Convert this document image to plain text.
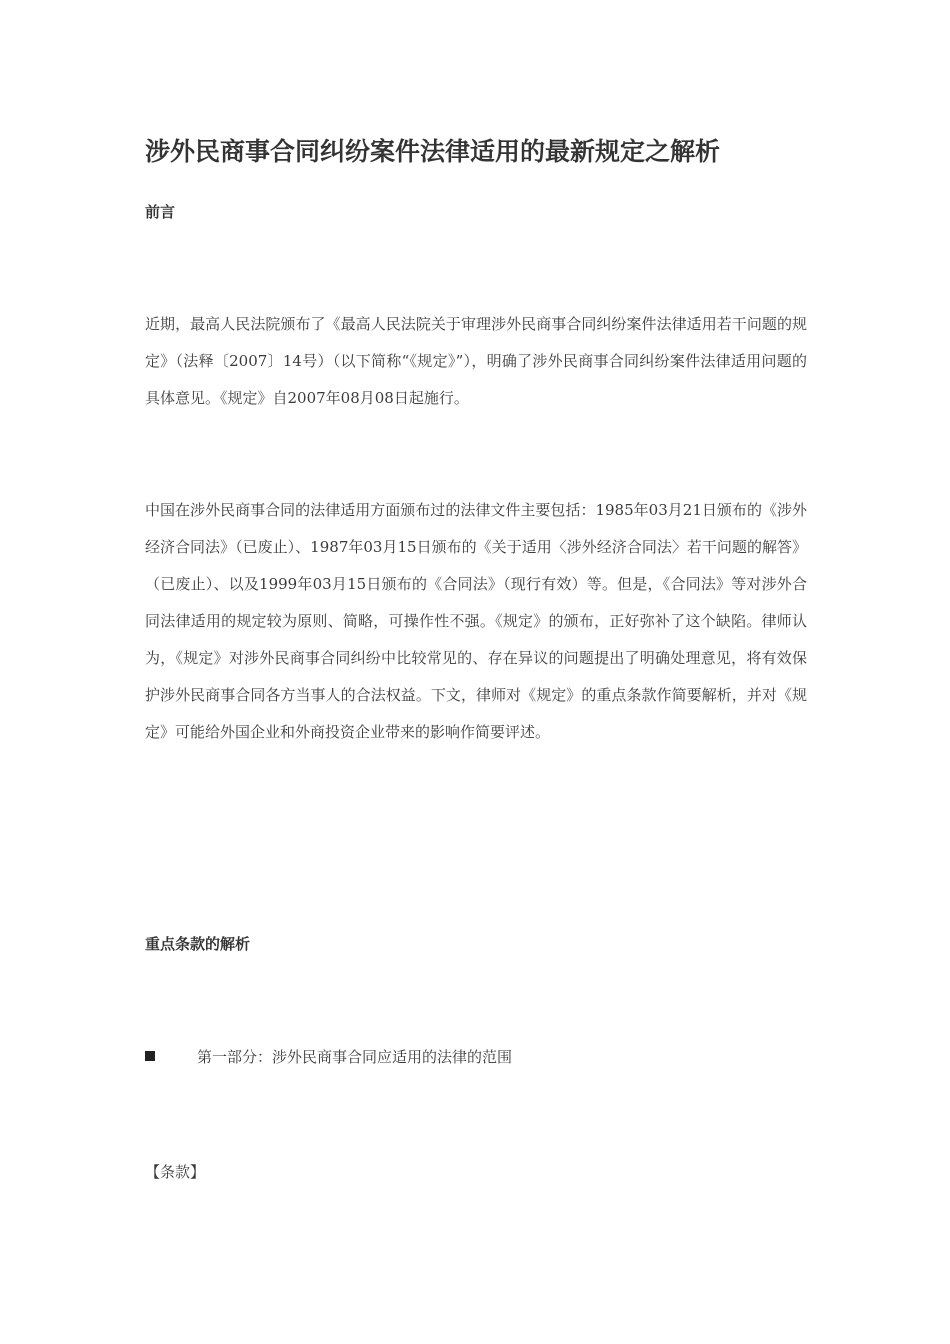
涉外民商事合同纠纷案件法律适用的最新规定之解析
前言
近期，最高人民法院颁布了《最高人民法院关于审理涉外民商事合同纠纷案件法律适用若干问题的规定》（法释〔2007〕14号）（以下简称“《规定》”），明确了涉外民商事合同纠纷案件法律适用问题的具体意见。《规定》自2007年08月08日起施行。
中国在涉外民商事合同的法律适用方面颁布过的法律文件主要包括：1985年03月21日颁布的《涉外经济合同法》（已废止）、1987年03月15日颁布的《关于适用〈涉外经济合同法〉若干问题的解答》（已废止）、以及1999年03月15日颁布的《合同法》（现行有效）等。但是，《合同法》等对涉外合同法律适用的规定较为原则、简略，可操作性不强。《规定》的颁布，正好弥补了这个缺陷。律师认为，《规定》对涉外民商事合同纠纷中比较常见的、存在异议的问题提出了明确处理意见，将有效保护涉外民商事合同各方当事人的合法权益。下文，律师对《规定》的重点条款作简要解析，并对《规定》可能给外国企业和外商投资企业带来的影响作简要评述。
重点条款的解析
第一部分：涉外民商事合同应适用的法律的范围
【条款】
